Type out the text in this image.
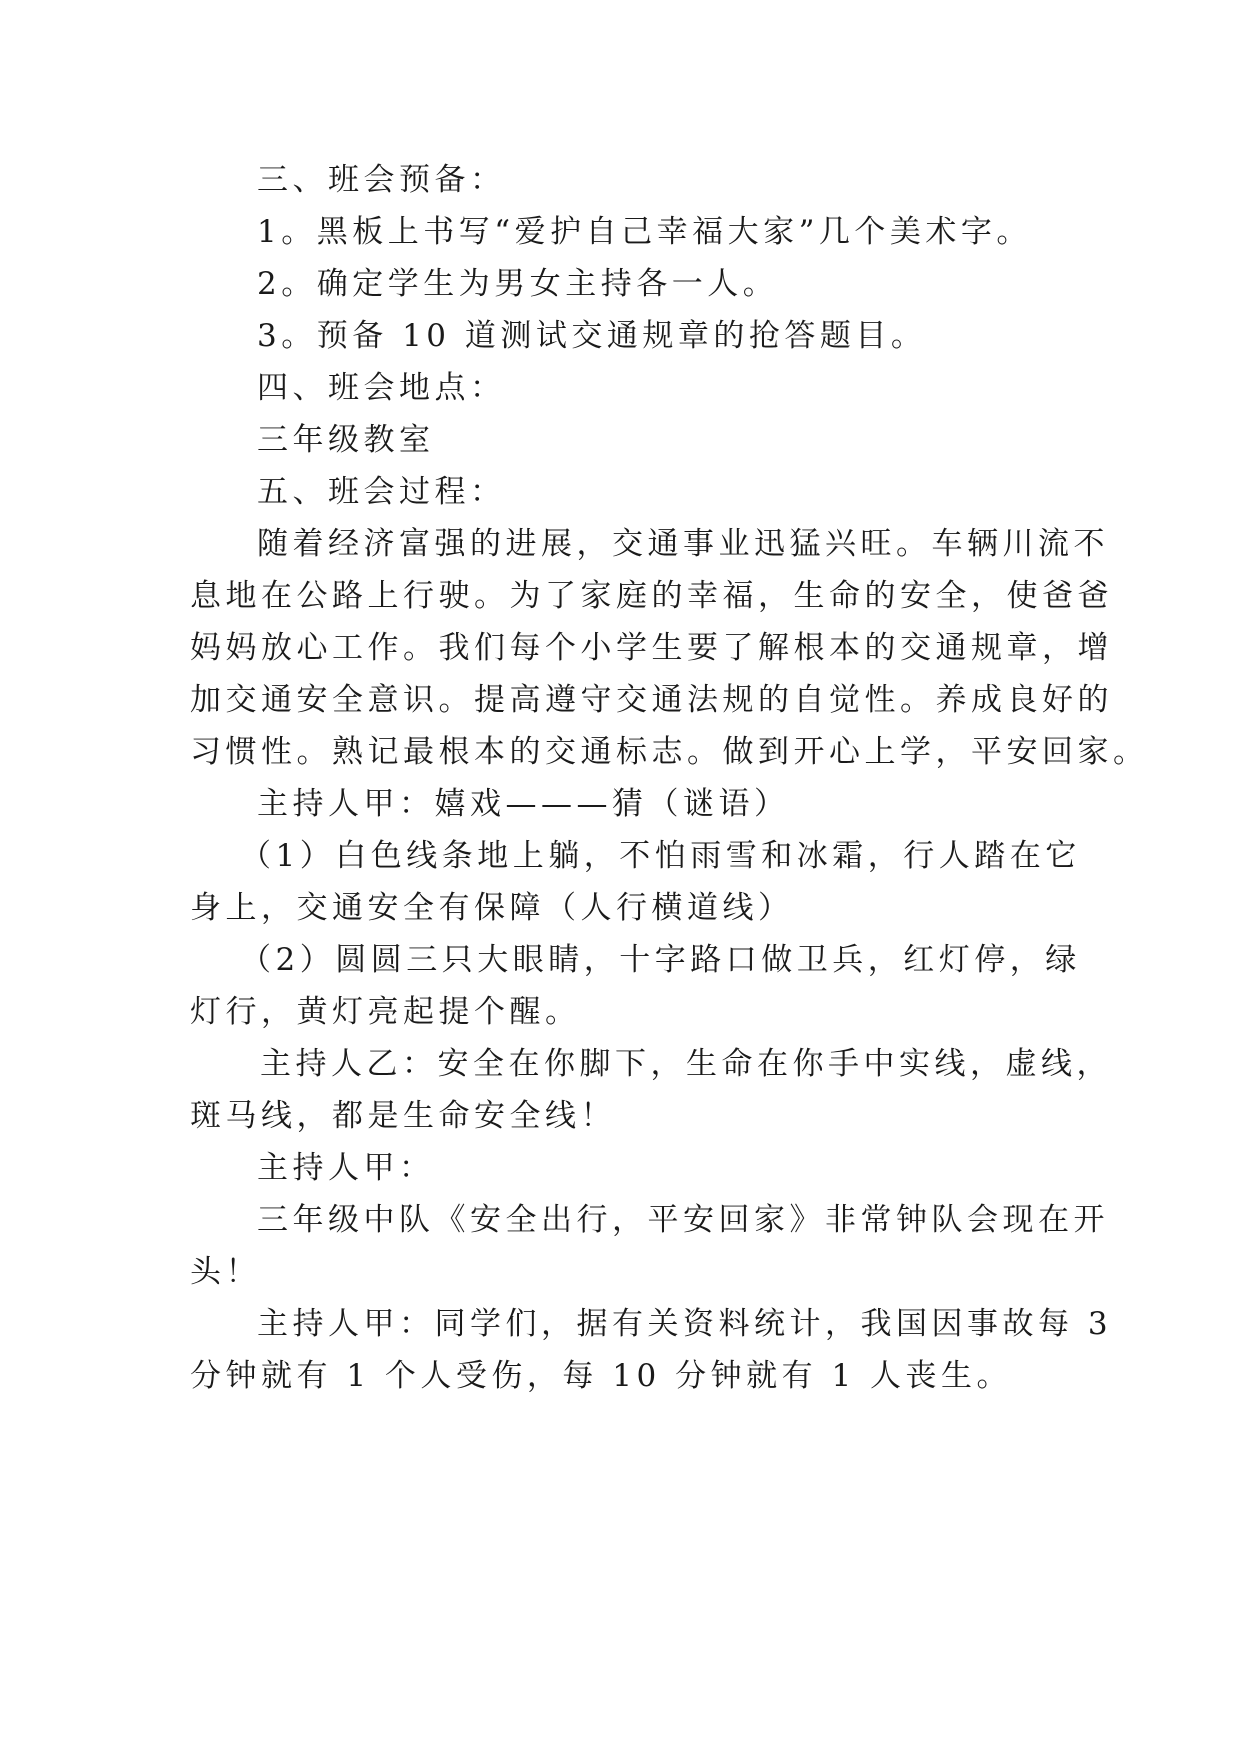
三、班会预备：
1。黑板上书写“爱护自己幸福大家”几个美术字。
2。确定学生为男女主持各一人。
3。预备 10 道测试交通规章的抢答题目。
四、班会地点：
三年级教室
五、班会过程：
随着经济富强的进展，交通事业迅猛兴旺。车辆川流不
息地在公路上行驶。为了家庭的幸福，生命的安全，使爸爸
妈妈放心工作。我们每个小学生要了解根本的交通规章，增
加交通安全意识。提高遵守交通法规的自觉性。养成良好的
习惯性。熟记最根本的交通标志。做到开心上学，平安回家。
主持人甲：嬉戏———猜（谜语）
（1）白色线条地上躺，不怕雨雪和冰霜，行人踏在它
身上，交通安全有保障（人行横道线）
（2）圆圆三只大眼睛，十字路口做卫兵，红灯停，绿
灯行，黄灯亮起提个醒。
主持人乙：安全在你脚下，生命在你手中实线，虚线，
斑马线，都是生命安全线！
主持人甲：
三年级中队《安全出行，平安回家》非常钟队会现在开
头！
主持人甲：同学们，据有关资料统计，我国因事故每 3
分钟就有 1 个人受伤，每 10 分钟就有 1 人丧生。
